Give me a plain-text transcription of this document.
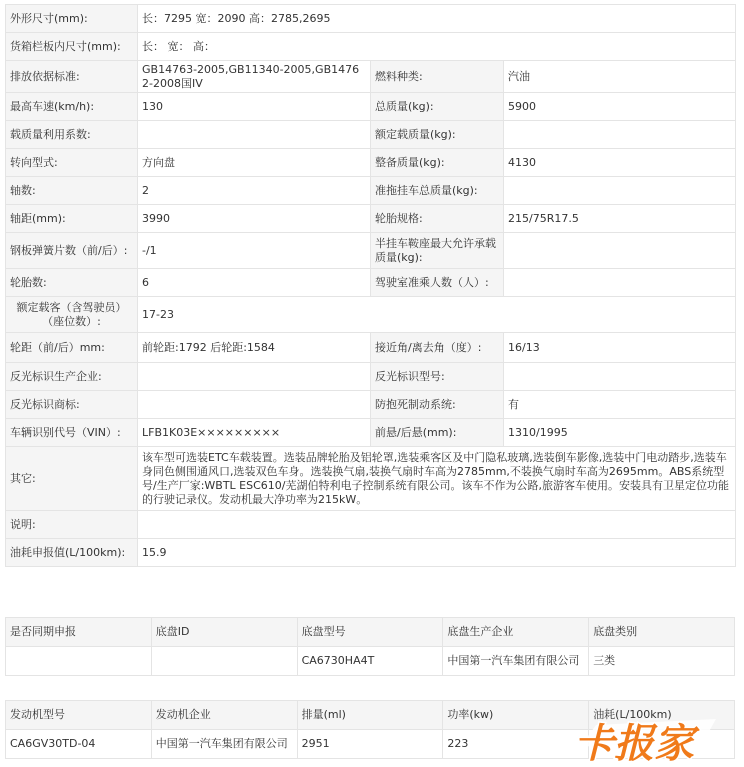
外形尺寸(mm):	长：7295 宽：2090 高：2785,2695		
货箱栏板内尺寸(mm):	长： 宽： 高：		
排放依据标准:	GB14763-2005,GB11340-2005,GB14762-2008国IV	燃料种类:	汽油
最高车速(km/h):	130	总质量(kg):	5900
载质量利用系数:		额定载质量(kg):	
转向型式:	方向盘	整备质量(kg):	4130
轴数:	2	准拖挂车总质量(kg):	
轴距(mm):	3990	轮胎规格:	215/75R17.5
钢板弹簧片数（前/后）:	-/1	半挂车鞍座最大允许承载质量(kg):	
轮胎数:	6	驾驶室准乘人数（人）:	
额定载客（含驾驶员）（座位数）:	17-23		
轮距（前/后）mm:	前轮距:1792 后轮距:1584	接近角/离去角（度）:	16/13
反光标识生产企业:		反光标识型号:	
反光标识商标:		防抱死制动系统:	有
车辆识别代号（VIN）:	LFB1K03E×××××××××	前悬/后悬(mm):	1310/1995
其它:	该车型可选装ETC车载装置。选装品牌轮胎及铝轮罩,选装乘客区及中门隐私玻璃,选装倒车影像,选装中门电动踏步,选装车身同色侧围通风口,选装双色车身。选装换气扇,装换气扇时车高为2785mm,不装换气扇时车高为2695mm。ABS系统型号/生产厂家:WBTL ESC610/芜湖伯特利电子控制系统有限公司。该车不作为公路,旅游客车使用。安装具有卫星定位功能的行驶记录仪。发动机最大净功率为215kW。		
说明:			
油耗申报值(L/100km):	15.9		
是否同期申报	底盘ID	底盘型号	底盘生产企业	底盘类别
		CA6730HA4T	中国第一汽车集团有限公司	三类
发动机型号	发动机企业	排量(ml)	功率(kw)	油耗(L/100km)
CA6GV30TD-04	中国第一汽车集团有限公司	2951	223		卡报家
